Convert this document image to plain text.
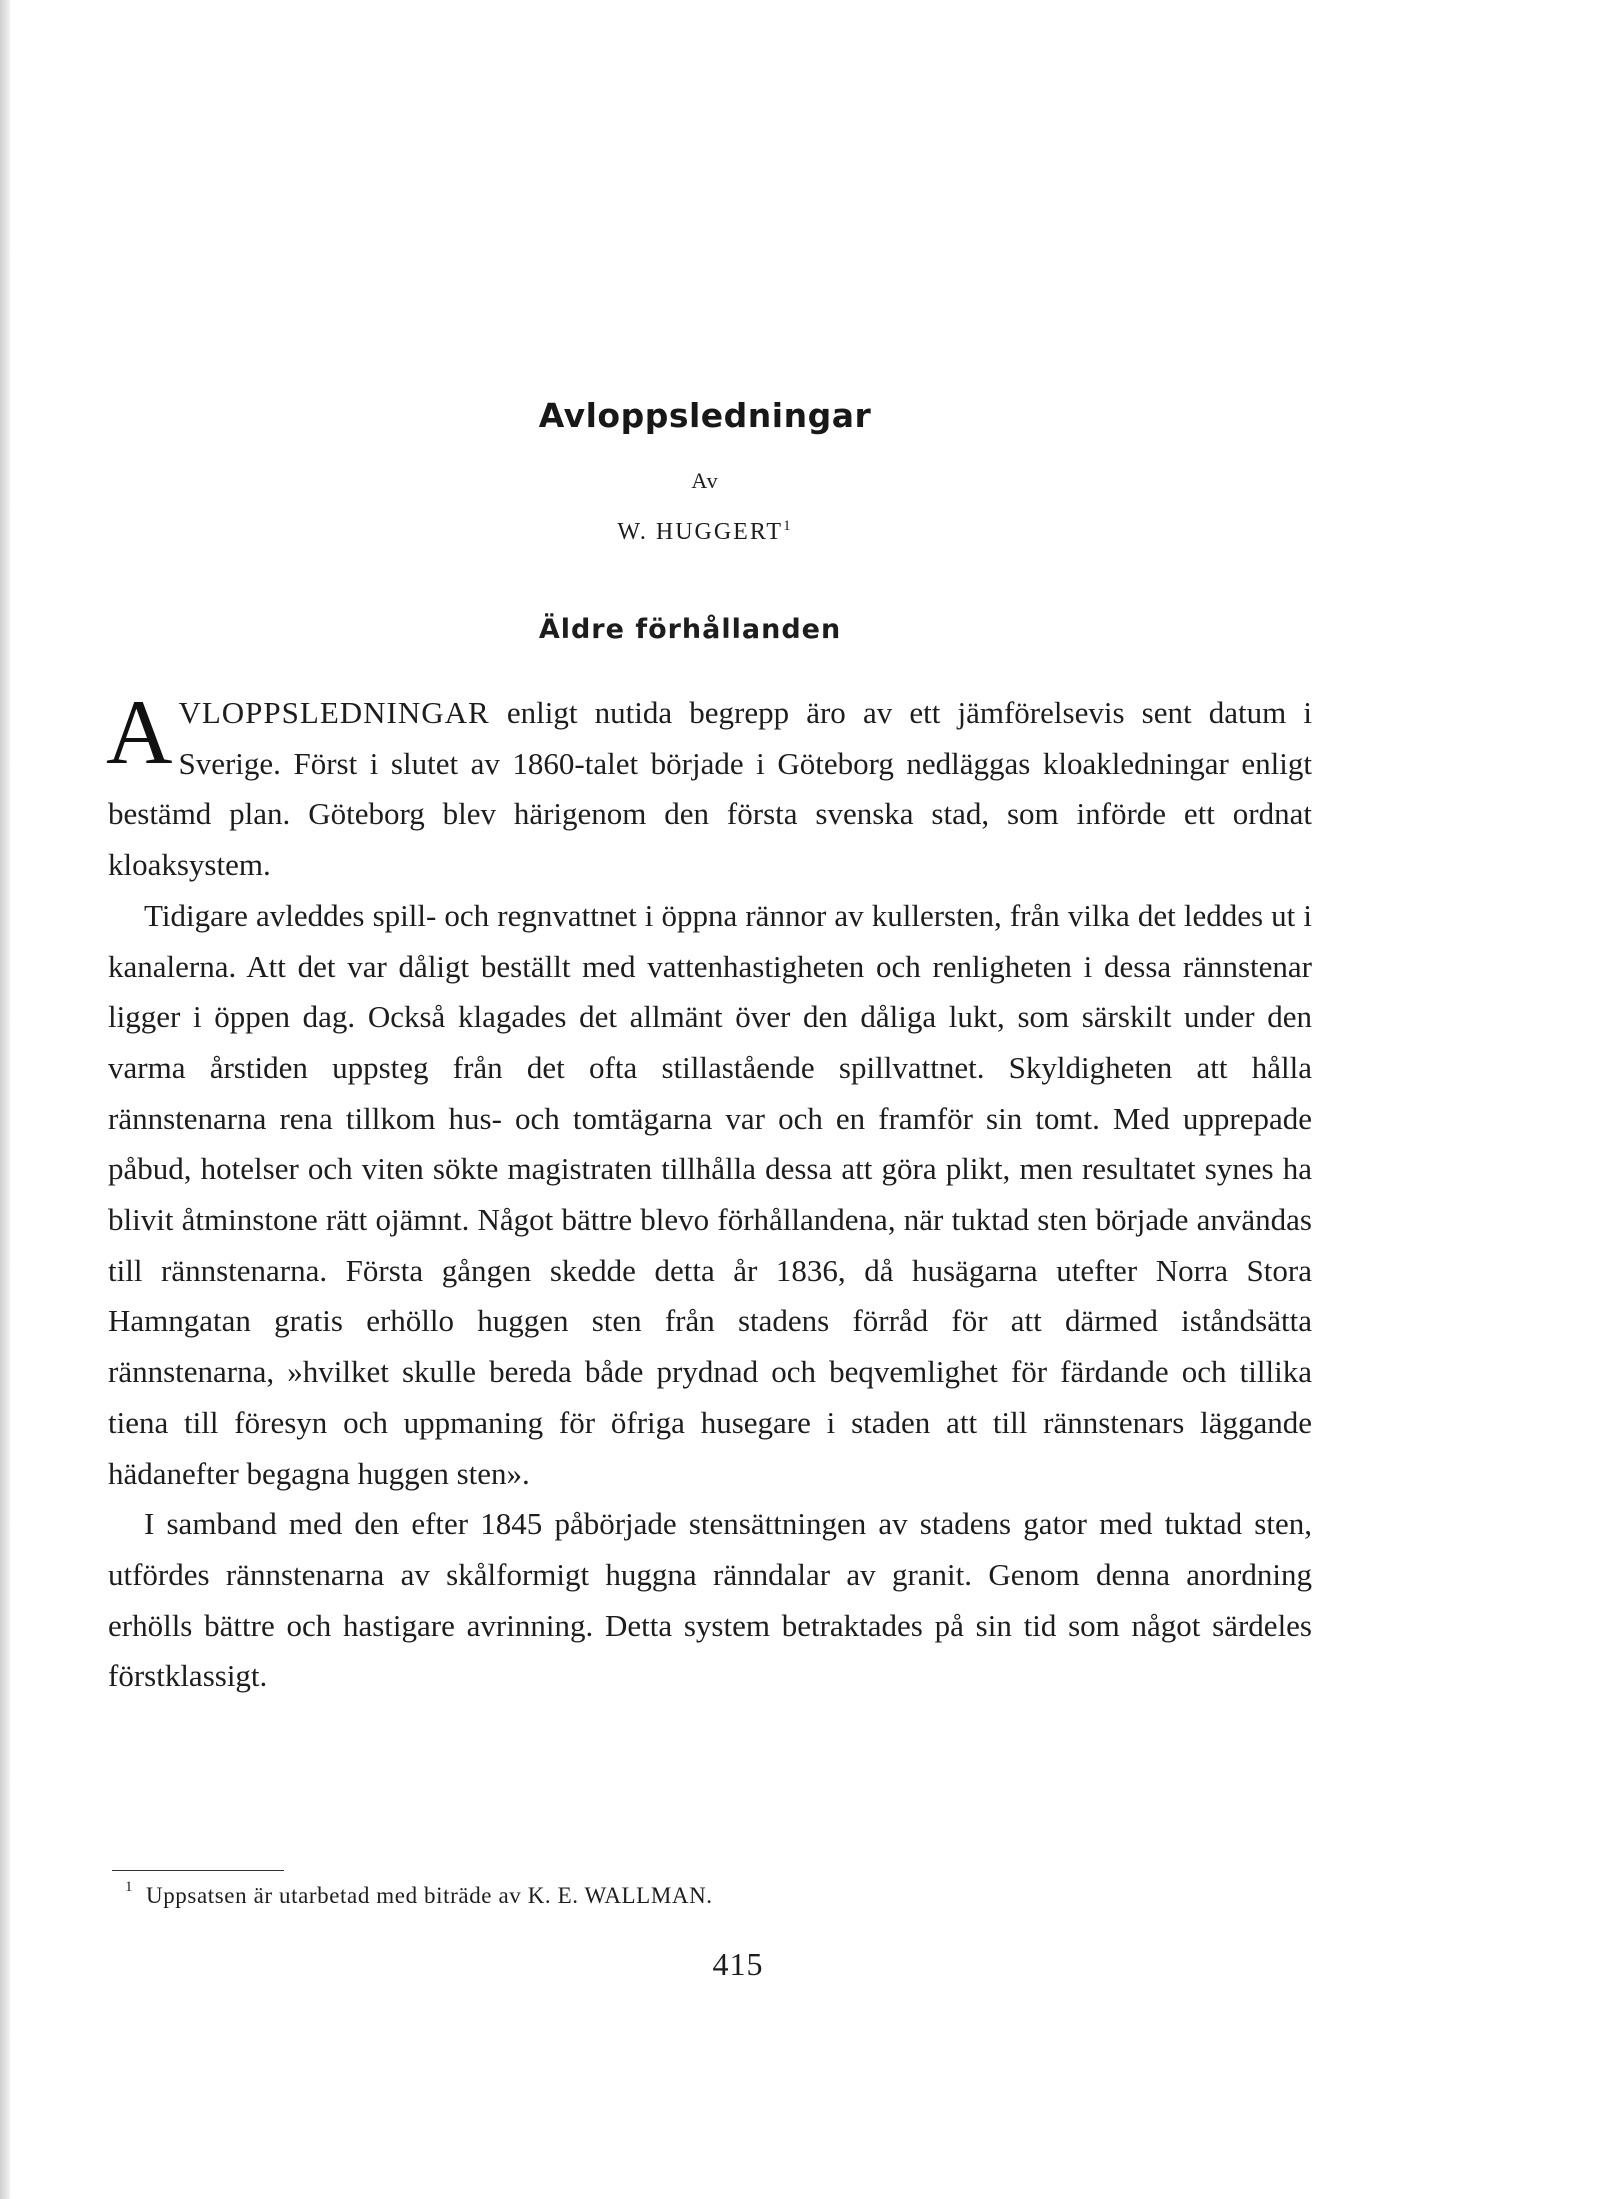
Avloppsledningar
Av
W. HUGGERT$^1$
Äldre förhållanden

AVLOPPSLEDNINGAR enligt nutida begrepp äro av ett jämförelsevis sent datum i Sverige. Först i slutet av 1860-talet började i Göteborg nedläggas kloakledningar enligt bestämd plan. Göteborg blev härigenom den första svenska stad, som införde ett ordnat kloaksystem.

Tidigare avleddes spill- och regnvattnet i öppna rännor av kullersten, från vilka det leddes ut i kanalerna. Att det var dåligt beställt med vattenhastigheten och renligheten i dessa rännstenar ligger i öppen dag. Också klagades det allmänt över den dåliga lukt, som särskilt under den varma årstiden uppsteg från det ofta stillastående spillvattnet. Skyldigheten att hålla rännstenarna rena tillkom hus- och tomtägarna var och en framför sin tomt. Med upprepade påbud, hotelser och viten sökte magistraten tillhålla dessa att göra plikt, men resultatet synes ha blivit åtminstone rätt ojämnt. Något bättre blevo förhållandena, när tuktad sten började användas till rännstenarna. Första gången skedde detta år 1836, då husägarna utefter Norra Stora Hamngatan gratis erhöllo huggen sten från stadens förråd för att därmed iståndsätta rännstenarna, »hvilket skulle bereda både prydnad och beqvemlighet för färdande och tillika tiena till föresyn och uppmaning för öfriga husegare i staden att till rännstenars läggande hädanefter begagna huggen sten».

I samband med den efter 1845 påbörjade stensättningen av stadens gator med tuktad sten, utfördes rännstenarna av skålformigt huggna ränndalar av granit. Genom denna anordning erhölls bättre och hastigare avrinning. Detta system betraktades på sin tid som något särdeles förstklassigt.

1 Uppsatsen är utarbetad med biträde av K. E. WALLMAN.
415
